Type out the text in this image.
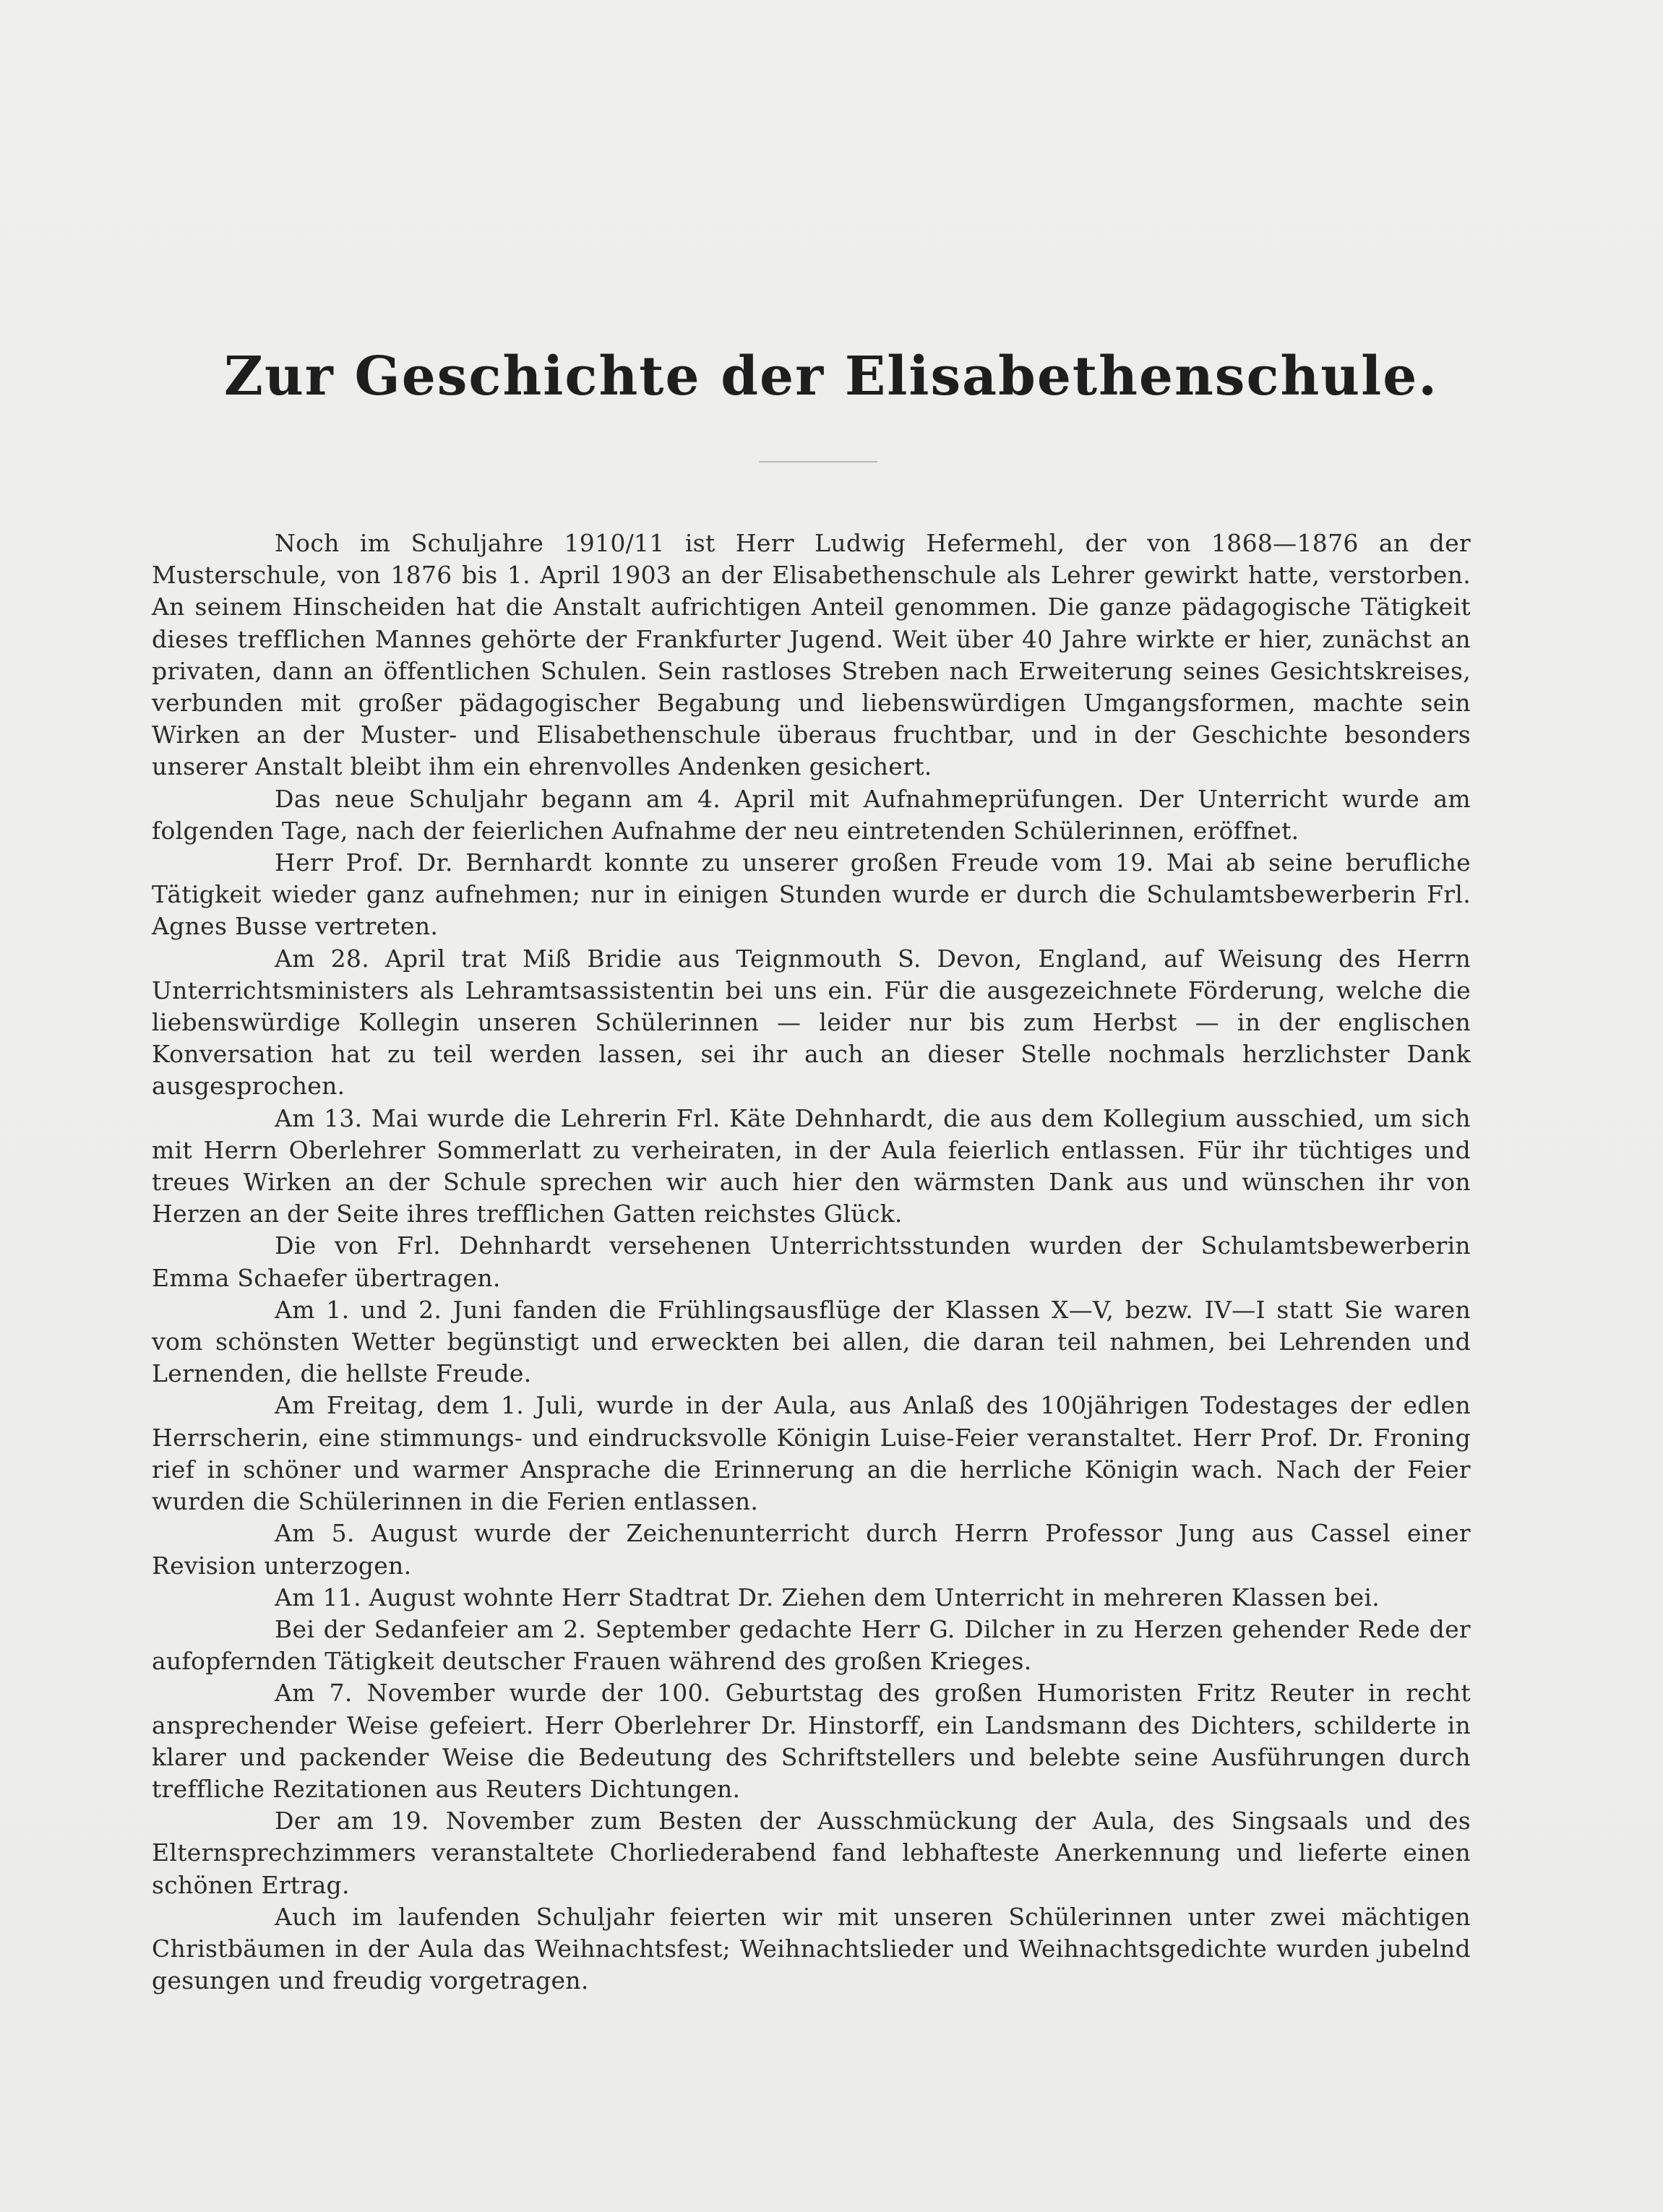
Zur Geschichte der Elisabethenschule.

Noch im Schuljahre 1910/11 ist Herr Ludwig Hefermehl, der von 1868—1876 an der Musterschule, von 1876 bis 1. April 1903 an der Elisabethenschule als Lehrer gewirkt hatte, verstorben. An seinem Hinscheiden hat die Anstalt aufrichtigen Anteil genommen. Die ganze pädagogische Tätigkeit dieses trefflichen Mannes gehörte der Frankfurter Jugend. Weit über 40 Jahre wirkte er hier, zunächst an privaten, dann an öffentlichen Schulen. Sein rastloses Streben nach Erweiterung seines Gesichtskreises, verbunden mit großer pädagogischer Begabung und liebenswürdigen Umgangsformen, machte sein Wirken an der Muster- und Elisabethenschule überaus fruchtbar, und in der Geschichte besonders unserer Anstalt bleibt ihm ein ehrenvolles Andenken gesichert.

Das neue Schuljahr begann am 4. April mit Aufnahmeprüfungen. Der Unterricht wurde am folgenden Tage, nach der feierlichen Aufnahme der neu eintretenden Schülerinnen, eröffnet.

Herr Prof. Dr. Bernhardt konnte zu unserer großen Freude vom 19. Mai ab seine berufliche Tätigkeit wieder ganz aufnehmen; nur in einigen Stunden wurde er durch die Schulamtsbewerberin Frl. Agnes Busse vertreten.

Am 28. April trat Miß Bridie aus Teignmouth S. Devon, England, auf Weisung des Herrn Unterrichtsministers als Lehramtsassistentin bei uns ein. Für die ausgezeichnete Förderung, welche die liebenswürdige Kollegin unseren Schülerinnen — leider nur bis zum Herbst — in der englischen Konversation hat zu teil werden lassen, sei ihr auch an dieser Stelle nochmals herzlichster Dank ausgesprochen.

Am 13. Mai wurde die Lehrerin Frl. Käte Dehnhardt, die aus dem Kollegium ausschied, um sich mit Herrn Oberlehrer Sommerlatt zu verheiraten, in der Aula feierlich entlassen. Für ihr tüchtiges und treues Wirken an der Schule sprechen wir auch hier den wärmsten Dank aus und wünschen ihr von Herzen an der Seite ihres trefflichen Gatten reichstes Glück.

Die von Frl. Dehnhardt versehenen Unterrichtsstunden wurden der Schulamtsbewerberin Emma Schaefer übertragen.

Am 1. und 2. Juni fanden die Frühlingsausflüge der Klassen X—V, bezw. IV—I statt Sie waren vom schönsten Wetter begünstigt und erweckten bei allen, die daran teil nahmen, bei Lehrenden und Lernenden, die hellste Freude.

Am Freitag, dem 1. Juli, wurde in der Aula, aus Anlaß des 100jährigen Todestages der edlen Herrscherin, eine stimmungs- und eindrucksvolle Königin Luise-Feier veranstaltet. Herr Prof. Dr. Froning rief in schöner und warmer Ansprache die Erinnerung an die herrliche Königin wach. Nach der Feier wurden die Schülerinnen in die Ferien entlassen.

Am 5. August wurde der Zeichenunterricht durch Herrn Professor Jung aus Cassel einer Revision unterzogen.

Am 11. August wohnte Herr Stadtrat Dr. Ziehen dem Unterricht in mehreren Klassen bei.

Bei der Sedanfeier am 2. September gedachte Herr G. Dilcher in zu Herzen gehender Rede der aufopfernden Tätigkeit deutscher Frauen während des großen Krieges.

Am 7. November wurde der 100. Geburtstag des großen Humoristen Fritz Reuter in recht ansprechender Weise gefeiert. Herr Oberlehrer Dr. Hinstorff, ein Landsmann des Dichters, schilderte in klarer und packender Weise die Bedeutung des Schriftstellers und belebte seine Ausführungen durch treffliche Rezitationen aus Reuters Dichtungen.

Der am 19. November zum Besten der Ausschmückung der Aula, des Singsaals und des Elternsprechzimmers veranstaltete Chorliederabend fand lebhafteste Anerkennung und lieferte einen schönen Ertrag.

Auch im laufenden Schuljahr feierten wir mit unseren Schülerinnen unter zwei mächtigen Christbäumen in der Aula das Weihnachtsfest; Weihnachtslieder und Weihnachtsgedichte wurden jubelnd gesungen und freudig vorgetragen.
